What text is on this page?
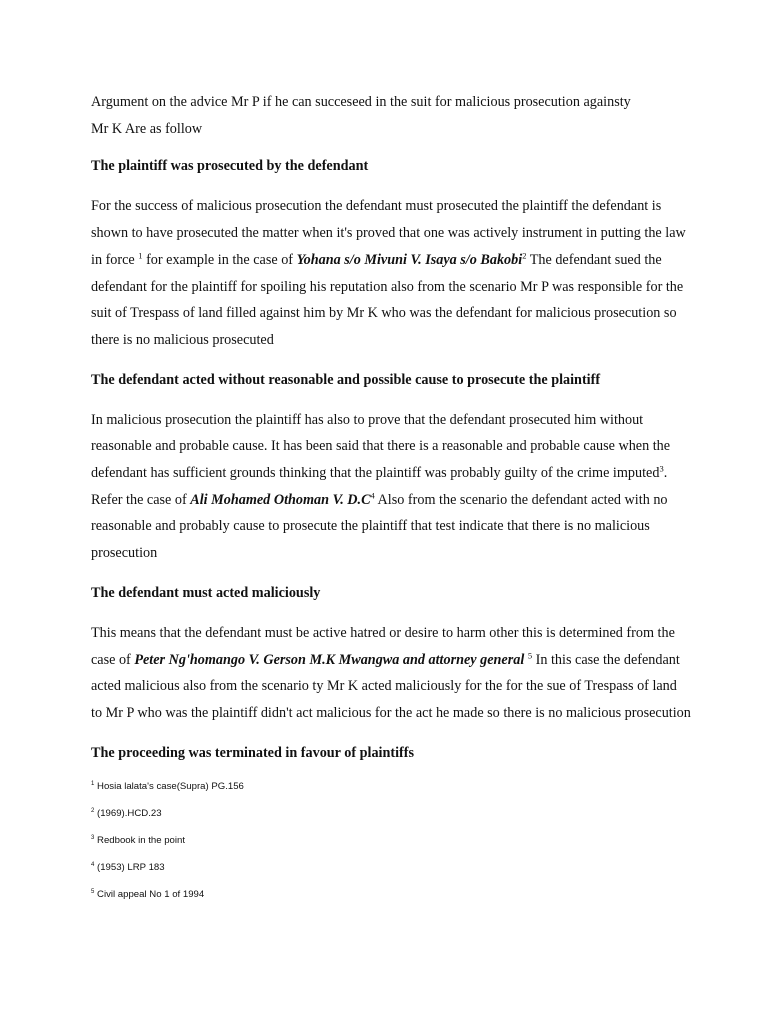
Argument on the advice Mr P if he can succeseed in the suit for malicious prosecution againsty
Mr K Are as follow

The plaintiff was prosecuted by the defendant

For the success of malicious prosecution the defendant must prosecuted the plaintiff the defendant is shown to have prosecuted the matter when it's proved that one was actively instrument in putting the law in force $^1$ for example in the case of Yohana s/o Mivuni V. Isaya s/o Bakobi$^2$ The defendant sued the defendant for the plaintiff for spoiling his reputation also from the scenario Mr P was responsible for the suit of Trespass of land filled against him by Mr K who was the defendant for malicious prosecution so there is no malicious prosecuted

The defendant acted without reasonable and possible cause to prosecute the plaintiff

In malicious prosecution the plaintiff has also to prove that the defendant prosecuted him without reasonable and probable cause. It has been said that there is a reasonable and probable cause when the defendant has sufficient grounds thinking that the plaintiff was probably guilty of the crime imputed$^3$. Refer the case of Ali Mohamed Othoman V. $D.C^4$ Also from the scenario the defendant acted with no reasonable and probably cause to prosecute the plaintiff that test indicate that there is no malicious prosecution

The defendant must acted maliciously

This means that the defendant must be active hatred or desire to harm other this is determined from the case of Peter Ng'homango V. Gerson M.K Mwangwa and attorney general $^5$ In this case the defendant acted malicious also from the scenario ty Mr K acted maliciously for the for the sue of Trespass of land to Mr P who was the plaintiff didn't act malicious for the act he made so there is no malicious prosecution

The proceeding was terminated in favour of plaintiffs
$^1$ Hosia lalata's case(Supra) PG.156
$^2$ (1969).HCD.23
$^3$ Redbook in the point
$^4$ (1953) LRP 183
$^5$ Civil appeal No 1 of 1994
